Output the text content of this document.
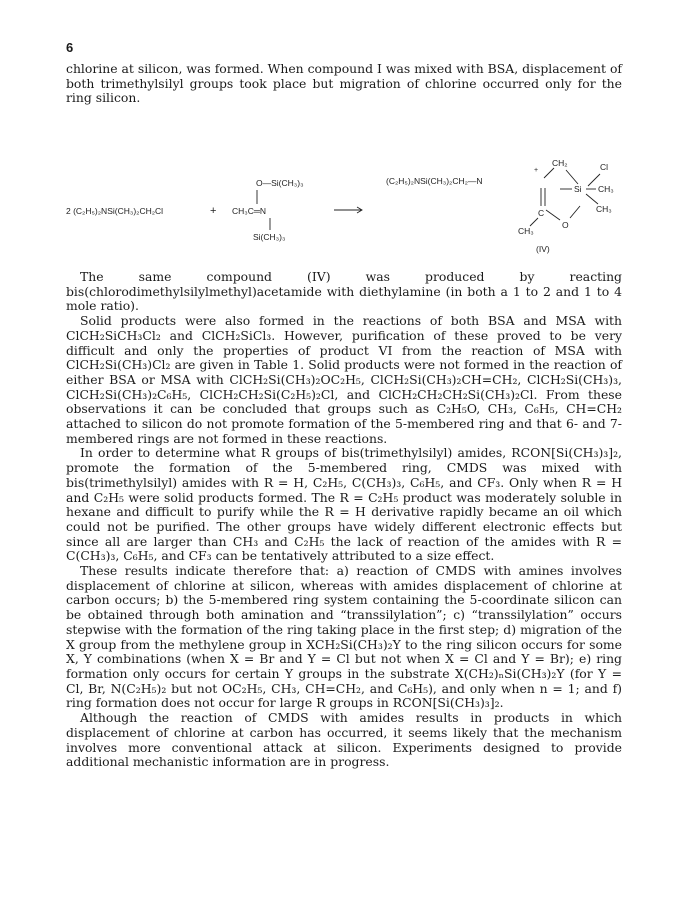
6

chlorine at silicon, was formed. When compound I was mixed with BSA, displacement of both trimethylsilyl groups took place but migration of chlorine occurred only for the ring silicon.

2 (C₂H₅)₂NSi(CH₃)₂CH₂Cl	+
O—Si(CH₃)₃
CH₃C═N
Si(CH₃)₃
(C₂H₅)₂NSi(CH₃)₂CH₂—N
+
CH₂	Cl
Si CH₃
CH₃
C
O
CH₃
(IV)

The same compound (IV) was produced by reacting bis(chlorodimethylsilylmethyl)acetamide with diethylamine (in both a 1 to 2 and 1 to 4 mole ratio).

Solid products were also formed in the reactions of both BSA and MSA with ClCH₂SiCH₃Cl₂ and ClCH₂SiCl₃. However, purification of these proved to be very difficult and only the properties of product VI from the reaction of MSA with ClCH₂Si(CH₃)Cl₂ are given in Table 1. Solid products were not formed in the reaction of either BSA or MSA with ClCH₂Si(CH₃)₂OC₂H₅, ClCH₂Si(CH₃)₂CH=CH₂, ClCH₂Si(CH₃)₃, ClCH₂Si(CH₃)₂C₆H₅, ClCH₂CH₂Si(C₂H₅)₂Cl, and ClCH₂CH₂CH₂Si(CH₃)₂Cl. From these observations it can be concluded that groups such as C₂H₅O, CH₃, C₆H₅, CH=CH₂ attached to silicon do not promote formation of the 5-membered ring and that 6- and 7-membered rings are not formed in these reactions.

In order to determine what R groups of bis(trimethylsilyl) amides, RCON[Si(CH₃)₃]₂, promote the formation of the 5-membered ring, CMDS was mixed with bis(trimethylsilyl) amides with R = H, C₂H₅, C(CH₃)₃, C₆H₅, and CF₃. Only when R = H and C₂H₅ were solid products formed. The R = C₂H₅ product was moderately soluble in hexane and difficult to purify while the R = H derivative rapidly became an oil which could not be purified. The other groups have widely different electronic effects but since all are larger than CH₃ and C₂H₅ the lack of reaction of the amides with R = C(CH₃)₃, C₆H₅, and CF₃ can be tentatively attributed to a size effect.

These results indicate therefore that: a) reaction of CMDS with amines involves displacement of chlorine at silicon, whereas with amides displacement of chlorine at carbon occurs; b) the 5-membered ring system containing the 5-coordinate silicon can be obtained through both amination and “transsilylation”; c) “transsilylation” occurs stepwise with the formation of the ring taking place in the first step; d) migration of the X group from the methylene group in XCH₂Si(CH₃)₂Y to the ring silicon occurs for some X, Y combinations (when X = Br and Y = Cl but not when X = Cl and Y = Br); e) ring formation only occurs for certain Y groups in the substrate X(CH₂)ₙSi(CH₃)₂Y (for Y = Cl, Br, N(C₂H₅)₂ but not OC₂H₅, CH₃, CH=CH₂, and C₆H₅), and only when n = 1; and f) ring formation does not occur for large R groups in RCON[Si(CH₃)₃]₂.

Although the reaction of CMDS with amides results in products in which displacement of chlorine at carbon has occurred, it seems likely that the mechanism involves more conventional attack at silicon. Experiments designed to provide additional mechanistic information are in progress.
